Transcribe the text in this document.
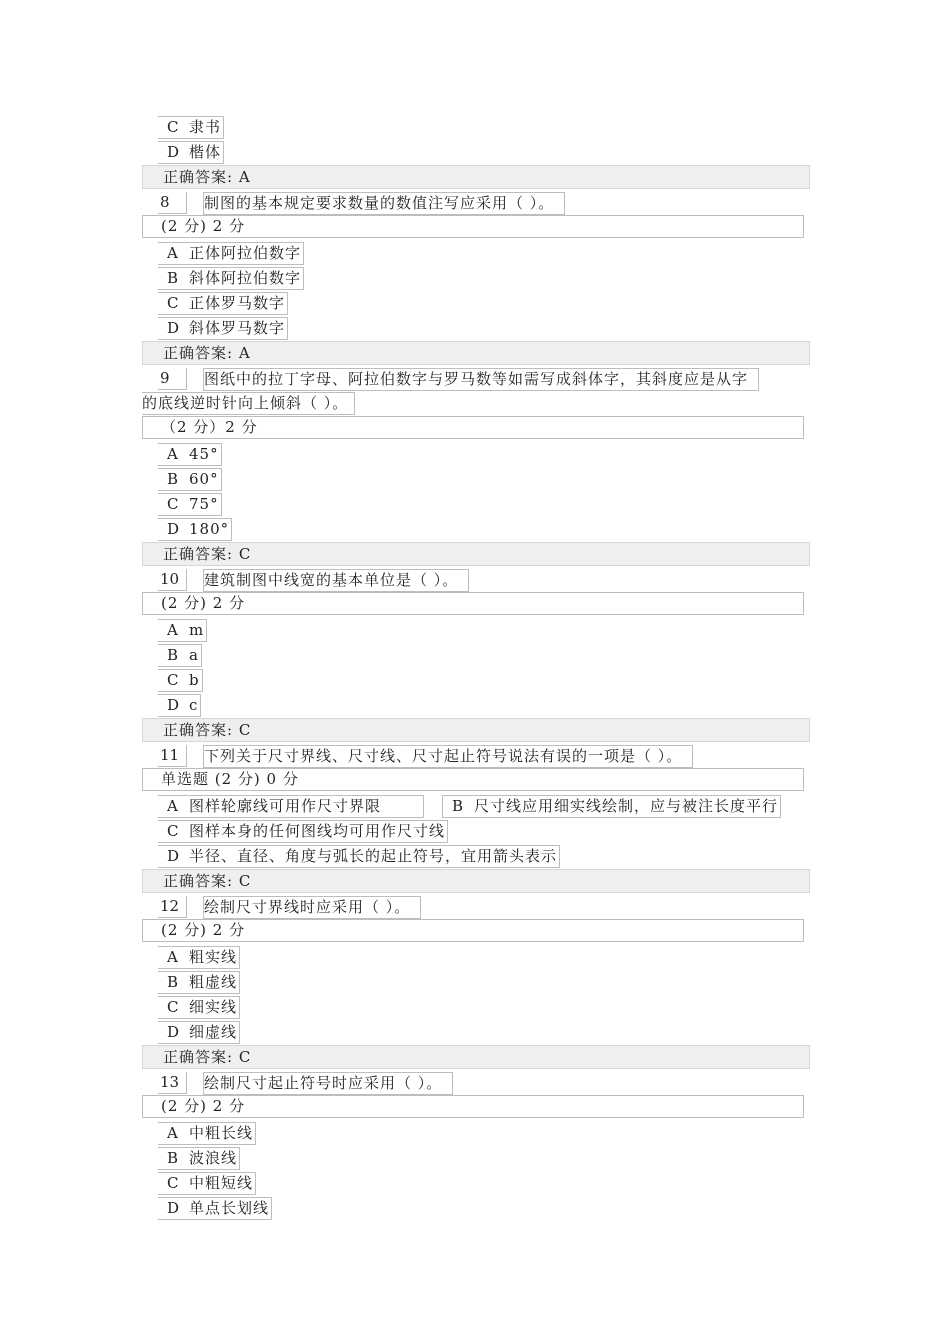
C 隶书
D 楷体
正确答案: A
8 制图的基本规定要求数量的数值注写应采用（ ）。
(2 分) 2 分
A 正体阿拉伯数字
B 斜体阿拉伯数字
C 正体罗马数字
D 斜体罗马数字
正确答案: A
9 图纸中的拉丁字母、阿拉伯数字与罗马数等如需写成斜体字，其斜度应是从字
的底线逆时针向上倾斜（ ）。
（2 分）2 分
A 45°
B 60°
C 75°
D 180°
正确答案: C
10 建筑制图中线宽的基本单位是（ ）。
(2 分) 2 分
A m
B a
C b
D c
正确答案: C
11 下列关于尺寸界线、尺寸线、尺寸起止符号说法有误的一项是（ ）。
单选题 (2 分) 0 分
A 图样轮廓线可用作尺寸界限	B 尺寸线应用细实线绘制，应与被注长度平行
C 图样本身的任何图线均可用作尺寸线
D 半径、直径、角度与弧长的起止符号，宜用箭头表示
正确答案: C
12 绘制尺寸界线时应采用（ ）。
(2 分) 2 分
A 粗实线
B 粗虚线
C 细实线
D 细虚线
正确答案: C
13 绘制尺寸起止符号时应采用（ ）。
(2 分) 2 分
A 中粗长线
B 波浪线
C 中粗短线
D 单点长划线
